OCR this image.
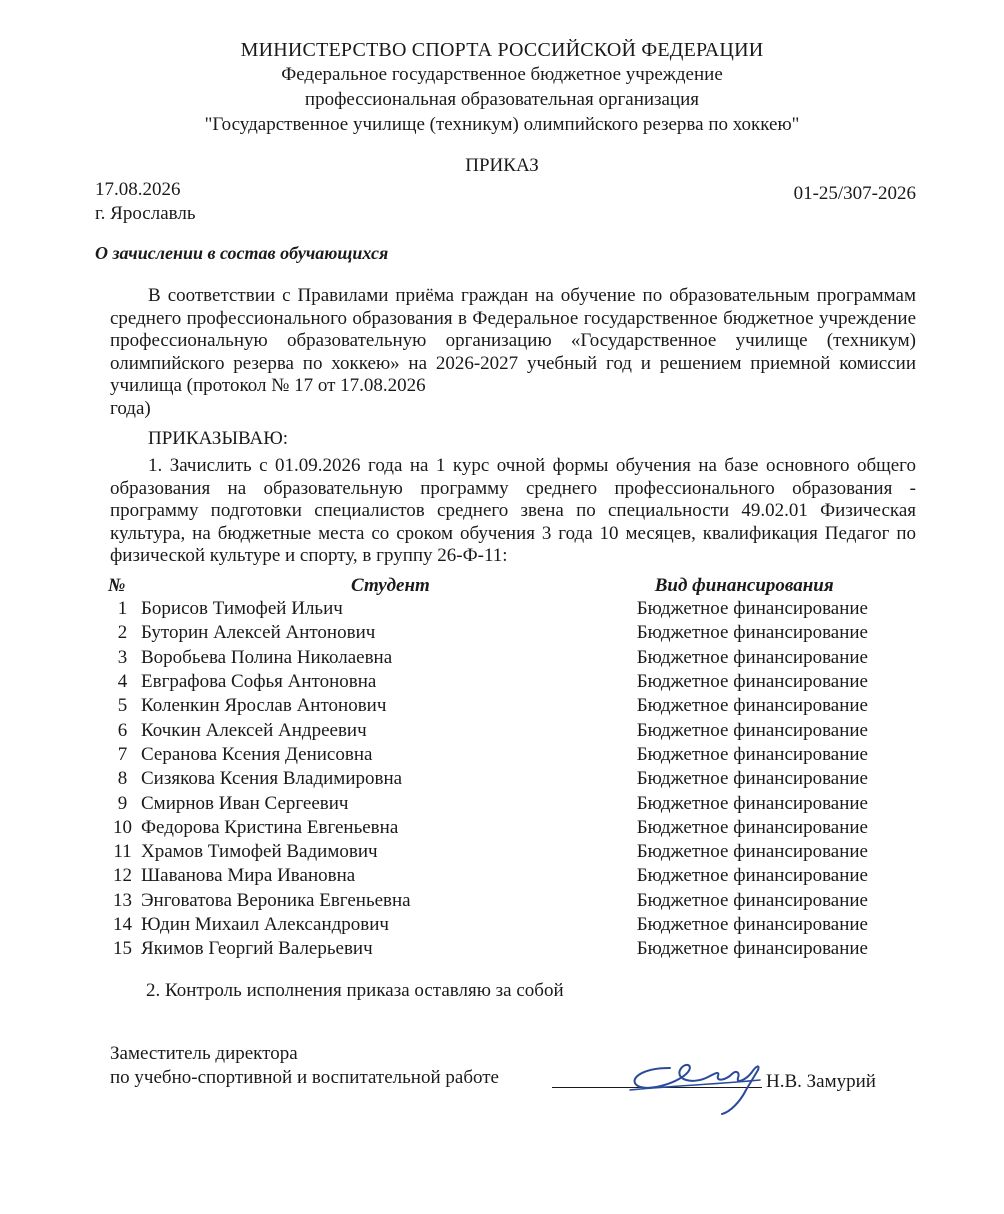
МИНИСТЕРСТВО СПОРТА РОССИЙСКОЙ ФЕДЕРАЦИИ
Федеральное государственное бюджетное учреждение
профессиональная образовательная организация
"Государственное училище (техникум) олимпийского резерва по хоккею"
ПРИКАЗ
17.08.2026
г. Ярославль
01-25/307-2026
О зачислении в состав обучающихся
В соответствии с Правилами приёма граждан на обучение по образовательным программам среднего профессионального образования в Федеральное государственное бюджетное учреждение профессиональную образовательную организацию «Государственное училище (техникум) олимпийского резерва по хоккею» на 2026-2027 учебный год и решением приемной комиссии училища (протокол № 17 от 17.08.2026
года)
ПРИКАЗЫВАЮ:
1. Зачислить с 01.09.2026 года на 1 курс очной формы обучения на базе основного общего образования на образовательную программу среднего профессионального образования - программу подготовки специалистов среднего звена по специальности 49.02.01 Физическая культура, на бюджетные места со сроком обучения 3 года 10 месяцев, квалификация Педагог по физической культуре и спорту, в группу 26-Ф-11:
№	Студент	Вид финансирования
1	Борисов Тимофей Ильич	Бюджетное финансирование
2	Буторин Алексей Антонович	Бюджетное финансирование
3	Воробьева Полина Николаевна	Бюджетное финансирование
4	Евграфова Софья Антоновна	Бюджетное финансирование
5	Коленкин Ярослав Антонович	Бюджетное финансирование
6	Кочкин Алексей Андреевич	Бюджетное финансирование
7	Серанова Ксения Денисовна	Бюджетное финансирование
8	Сизякова Ксения Владимировна	Бюджетное финансирование
9	Смирнов Иван Сергеевич	Бюджетное финансирование
10	Федорова Кристина Евгеньевна	Бюджетное финансирование
11	Храмов Тимофей Вадимович	Бюджетное финансирование
12	Шаванова Мира Ивановна	Бюджетное финансирование
13	Энговатова Вероника Евгеньевна	Бюджетное финансирование
14	Юдин Михаил Александрович	Бюджетное финансирование
15	Якимов Георгий Валерьевич	Бюджетное финансирование
2. Контроль исполнения приказа оставляю за собой
Заместитель директора
по учебно-спортивной и воспитательной работе	Н.В. Замурий
